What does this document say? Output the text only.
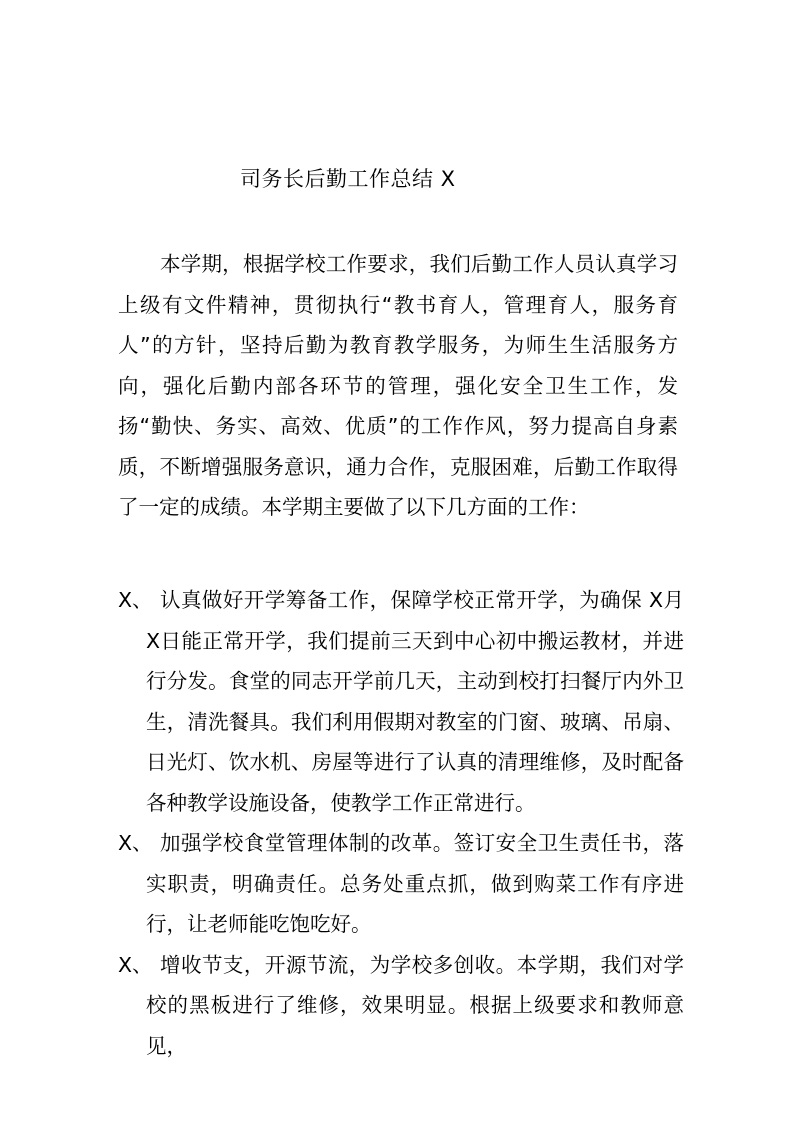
司务长后勤工作总结 X

本学期，根据学校工作要求，我们后勤工作人员认真学习上级有文件精神，贯彻执行“教书育人，管理育人，服务育人”的方针，坚持后勤为教育教学服务，为师生生活服务方向，强化后勤内部各环节的管理，强化安全卫生工作，发扬“勤快、务实、高效、优质”的工作作风，努力提高自身素质，不断增强服务意识，通力合作，克服困难，后勤工作取得了一定的成绩。本学期主要做了以下几方面的工作：

X、 认真做好开学筹备工作，保障学校正常开学，为确保 X月 X日能正常开学，我们提前三天到中心初中搬运教材，并进行分发。食堂的同志开学前几天，主动到校打扫餐厅内外卫生，清洗餐具。我们利用假期对教室的门窗、玻璃、吊扇、日光灯、饮水机、房屋等进行了认真的清理维修，及时配备各种教学设施设备，使教学工作正常进行。
X、 加强学校食堂管理体制的改革。签订安全卫生责任书，落实职责，明确责任。总务处重点抓，做到购菜工作有序进行，让老师能吃饱吃好。
X、 增收节支，开源节流，为学校多创收。本学期，我们对学校的黑板进行了维修，效果明显。根据上级要求和教师意见，
